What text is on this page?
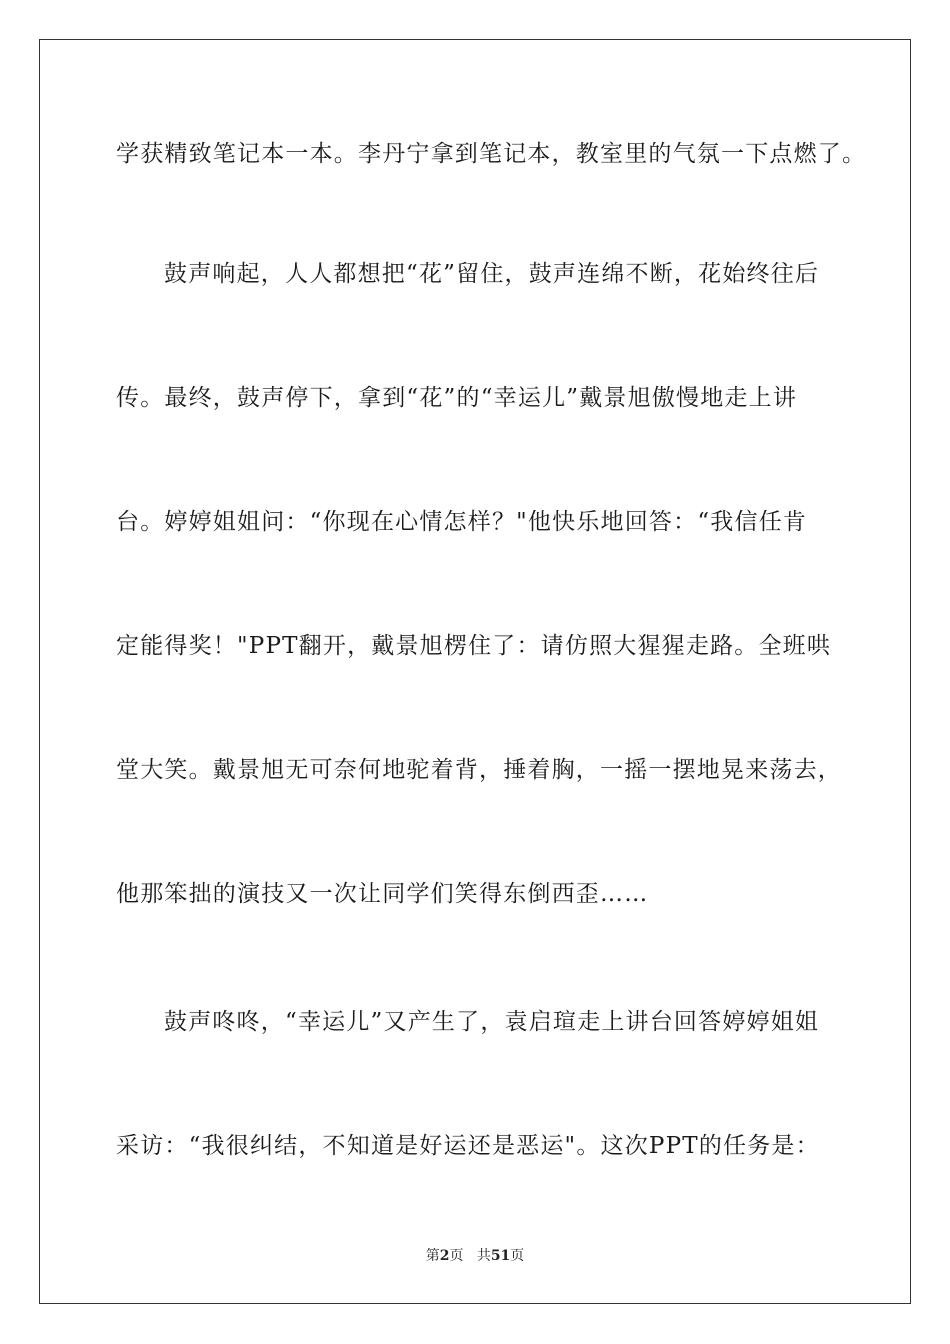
学获精致笔记本一本。李丹宁拿到笔记本，教室里的气氛一下点燃了。
鼓声响起，人人都想把“花”留住，鼓声连绵不断，花始终往后
传。最终，鼓声停下，拿到“花”的“幸运儿”戴景旭傲慢地走上讲
台。婷婷姐姐问：“你现在心情怎样？"他快乐地回答：“我信任肯
定能得奖！"PPT翻开，戴景旭楞住了：请仿照大猩猩走路。全班哄
堂大笑。戴景旭无可奈何地驼着背，捶着胸，一摇一摆地晃来荡去，
他那笨拙的演技又一次让同学们笑得东倒西歪……
鼓声咚咚，“幸运儿”又产生了，袁启瑄走上讲台回答婷婷姐姐
采访：“我很纠结，不知道是好运还是恶运"。这次PPT的任务是：
第2页 共51页
